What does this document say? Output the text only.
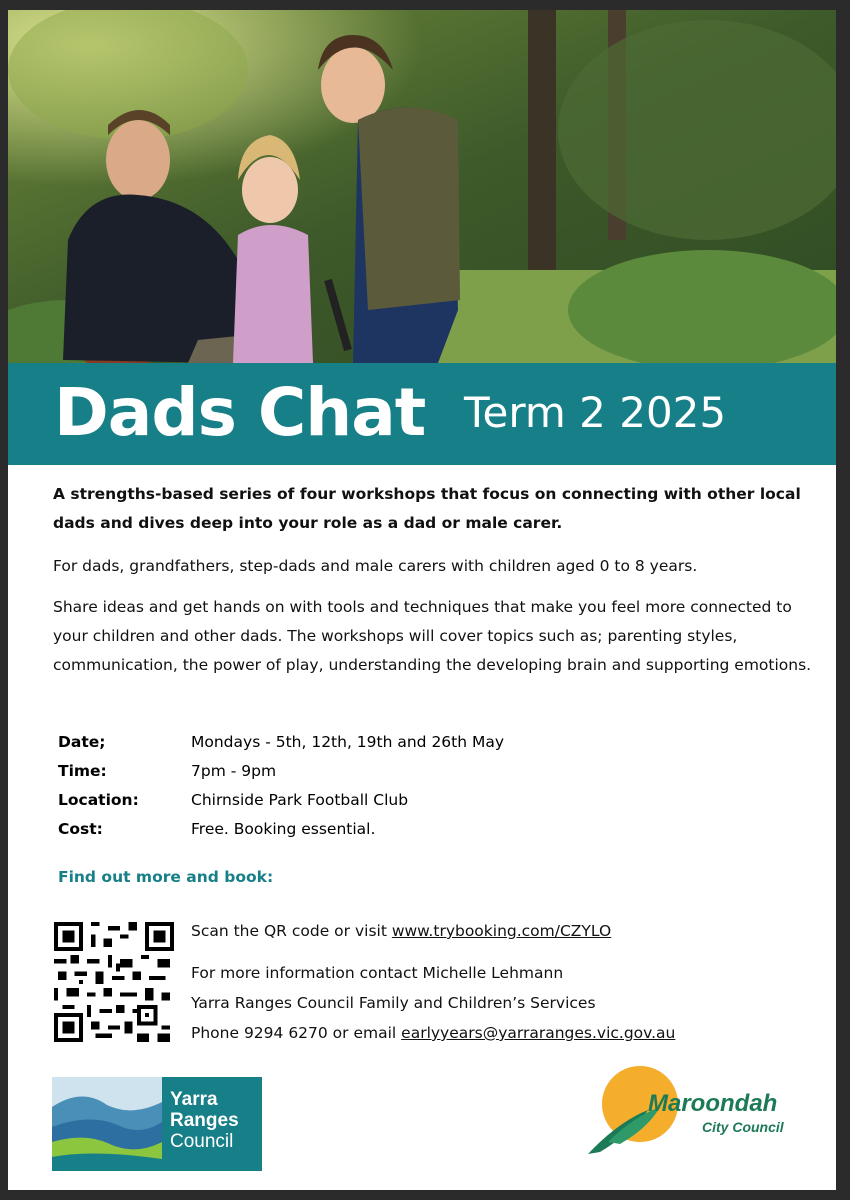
Dads Chat Term 2 2025

A strengths-based series of four workshops that focus on connecting with other local dads and dives deep into your role as a dad or male carer.

For dads, grandfathers, step-dads and male carers with children aged 0 to 8 years.

Share ideas and get hands on with tools and techniques that make you feel more connected to your children and other dads. The workshops will cover topics such as; parenting styles, communication, the power of play, understanding the developing brain and supporting emotions.

Date;	Mondays - 5th, 12th, 19th and 26th May
Time:	7pm - 9pm
Location:	Chirnside Park Football Club
Cost:	Free. Booking essential.
Find out more and book:
Scan the QR code or visit www.trybooking.com/CZYLO
For more information contact Michelle Lehmann
Yarra Ranges Council Family and Children’s Services
Phone 9294 6270 or email earlyyears@yarraranges.vic.gov.au
Yarra
Ranges
Council
Maroondah
City Council
